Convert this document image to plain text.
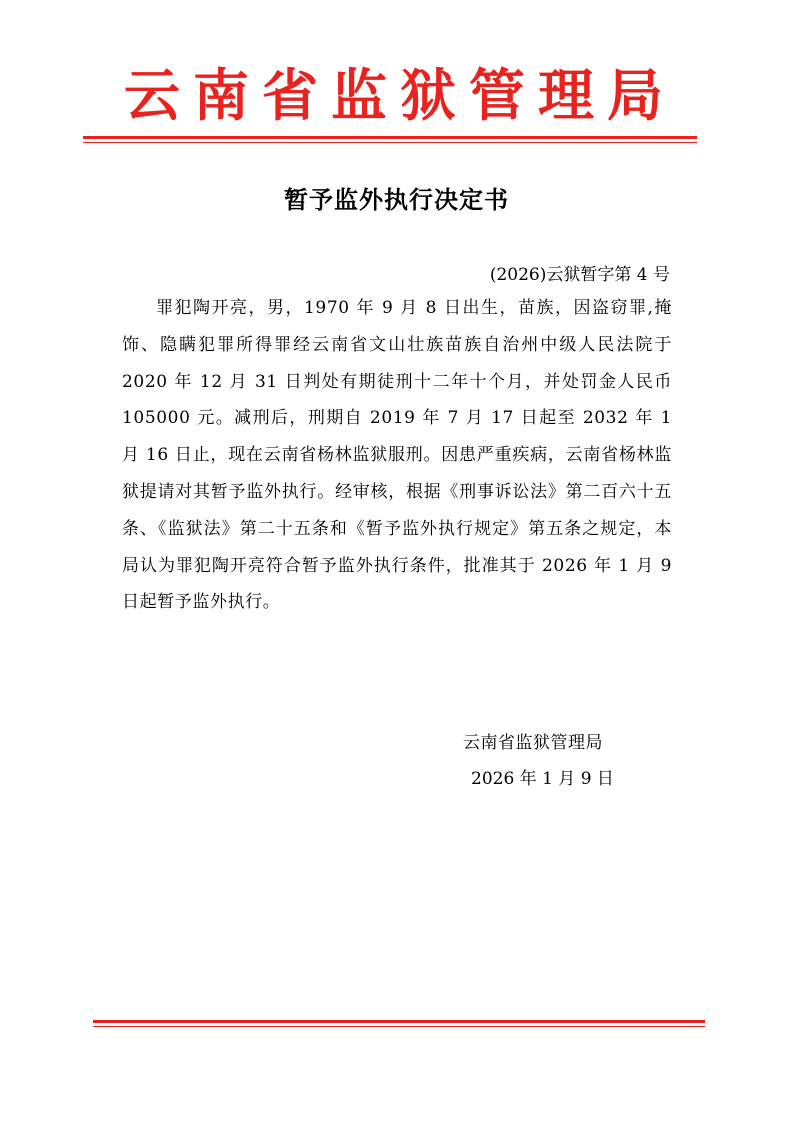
云南省监狱管理局
暂予监外执行决定书
(2026)云狱暂字第 4 号

罪犯陶开亮，男，1970 年 9 月 8 日出生，苗族，因盗窃罪,掩饰、隐瞒犯罪所得罪经云南省文山壮族苗族自治州中级人民法院于 2020 年 12 月 31 日判处有期徒刑十二年十个月，并处罚金人民币 105000 元。减刑后，刑期自 2019 年 7 月 17 日起至 2032 年 1 月 16 日止，现在云南省杨林监狱服刑。因患严重疾病，云南省杨林监狱提请对其暂予监外执行。经审核，根据《刑事诉讼法》第二百六十五条、《监狱法》第二十五条和《暂予监外执行规定》第五条之规定，本局认为罪犯陶开亮符合暂予监外执行条件，批准其于 2026 年 1 月 9 日起暂予监外执行。

云南省监狱管理局
2026 年 1 月 9 日
